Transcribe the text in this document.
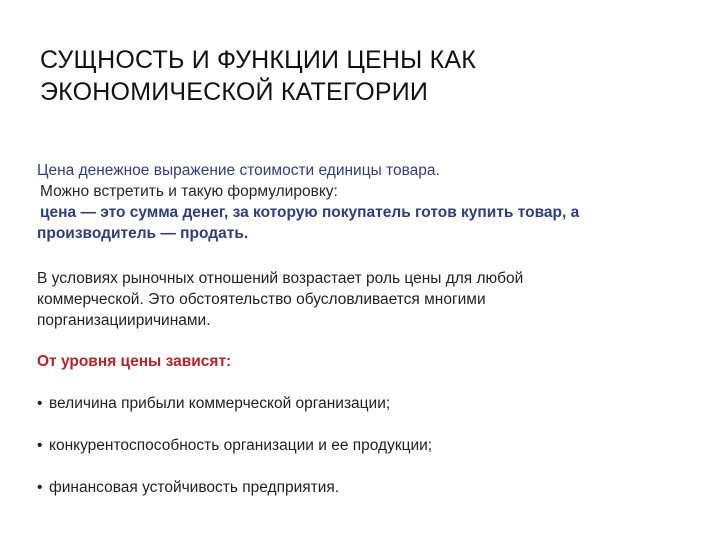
СУЩНОСТЬ И ФУНКЦИИ ЦЕНЫ КАК
ЭКОНОМИЧЕСКОЙ КАТЕГОРИИ
Цена денежное выражение стоимости единицы товара.
Можно встретить и такую формулировку:
цена — это сумма денег, за которую покупатель готов купить товар, а
производитель — продать.
В условиях рыночных отношений возрастает роль цены для любой
коммерческой. Это обстоятельство обусловливается многими
порганизацииричинами.
От уровня цены зависят:
• величина прибыли коммерческой организации;
• конкурентоспособность организации и ее продукции;
• финансовая устойчивость предприятия.
